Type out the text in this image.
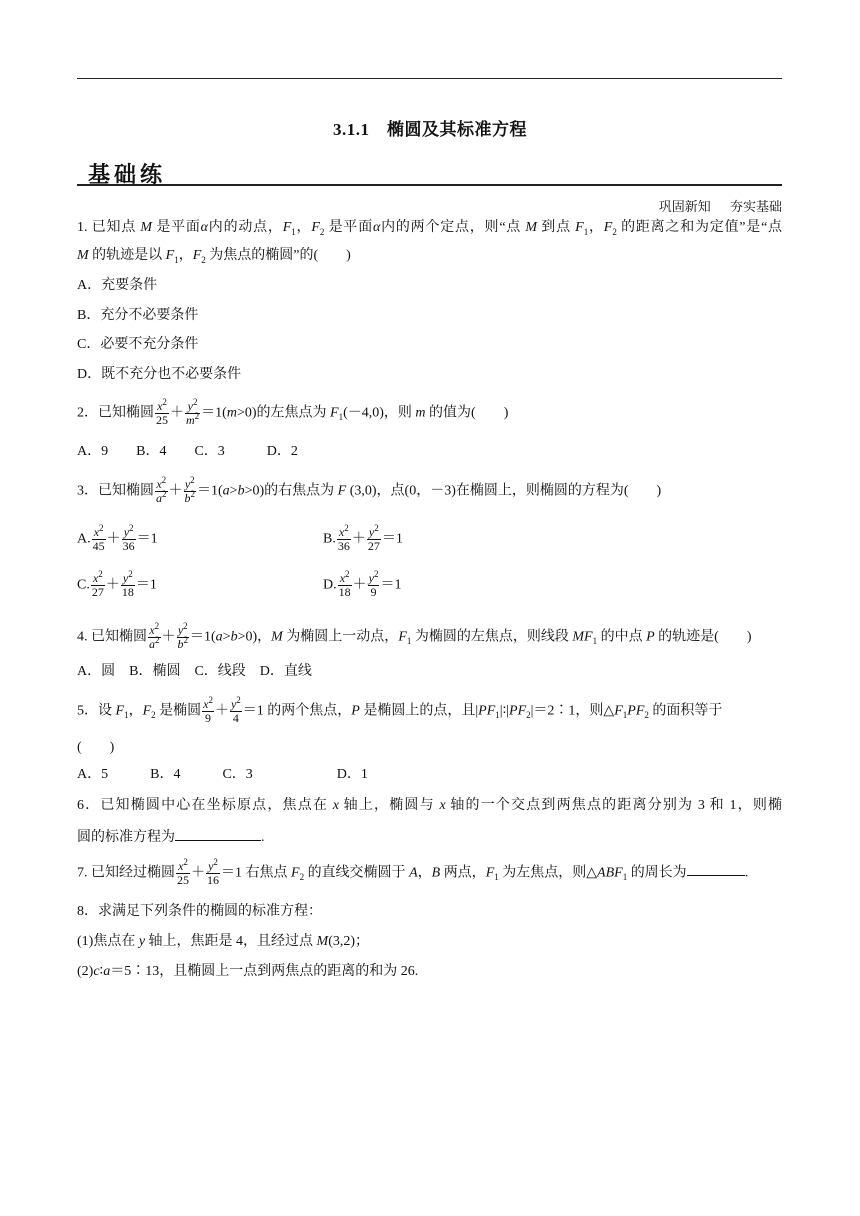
3.1.1　椭圆及其标准方程
基础练
巩固新知 夯实基础
1. 已知点 M 是平面α内的动点，$F_1$，$F_2$ 是平面α内的两个定点，则“点 M 到点 $F_1$，$F_2$ 的距离之和为定值”是“点
M 的轨迹是以 $F_1$，$F_2$ 为焦点的椭圆”的(　　)
A．充要条件
B．充分不必要条件
C．必要不充分条件
D．既不充分也不必要条件
2．已知椭圆 $\frac{x^2}{25} + \frac{y^2}{m^2} =1(m>0)$的左焦点为 $F_1(-4,0)$，则 m 的值为(　　)
A．9　　B．4　　C．3　　　D．2
3．已知椭圆 $\frac{x^2}{a^2} + \frac{y^2}{b^2} =1(a>b>0)$的右焦点为 F (3,0)，点(0，－3)在椭圆上，则椭圆的方程为(　　)
A. $\frac{x^2}{45} + \frac{y^2}{36} =1$	B. $\frac{x^2}{36} + \frac{y^2}{27} =1$
C. $\frac{x^2}{27} + \frac{y^2}{18} =1$	D. $\frac{x^2}{18} + \frac{y^2}{9} =1$
4. 已知椭圆 $\frac{x^2}{a^2} + \frac{y^2}{b^2} =1(a>b>0)$，M 为椭圆上一动点，$F_1$ 为椭圆的左焦点，则线段 $MF_1$ 的中点 P 的轨迹是(　　)
A．圆　B．椭圆　C．线段　D．直线
5．设 $F_1$，$F_2$ 是椭圆 $\frac{x^2}{9} + \frac{y^2}{4} =1$ 的两个焦点，P 是椭圆上的点，且$|PF_1|∶|PF_2|=2∶1$，则$\triangle F_1PF_2$ 的面积等于
(　　)
A．5　　　B．4　　　C．3　　　　　　D．1
6．已知椭圆中心在坐标原点，焦点在 x 轴上，椭圆与 x 轴的一个交点到两焦点的距离分别为 3 和 1，则椭
圆的标准方程为	.
7. 已知经过椭圆 $\frac{x^2}{25} + \frac{y^2}{16} =1$ 右焦点 $F_2$ 的直线交椭圆于 A，B 两点，$F_1$ 为左焦点，则$\triangle ABF_1$ 的周长为	.
8．求满足下列条件的椭圆的标准方程：
(1)焦点在 y 轴上，焦距是 4，且经过点 M(3,2)；
(2)c∶a＝5∶13，且椭圆上一点到两焦点的距离的和为 26.
